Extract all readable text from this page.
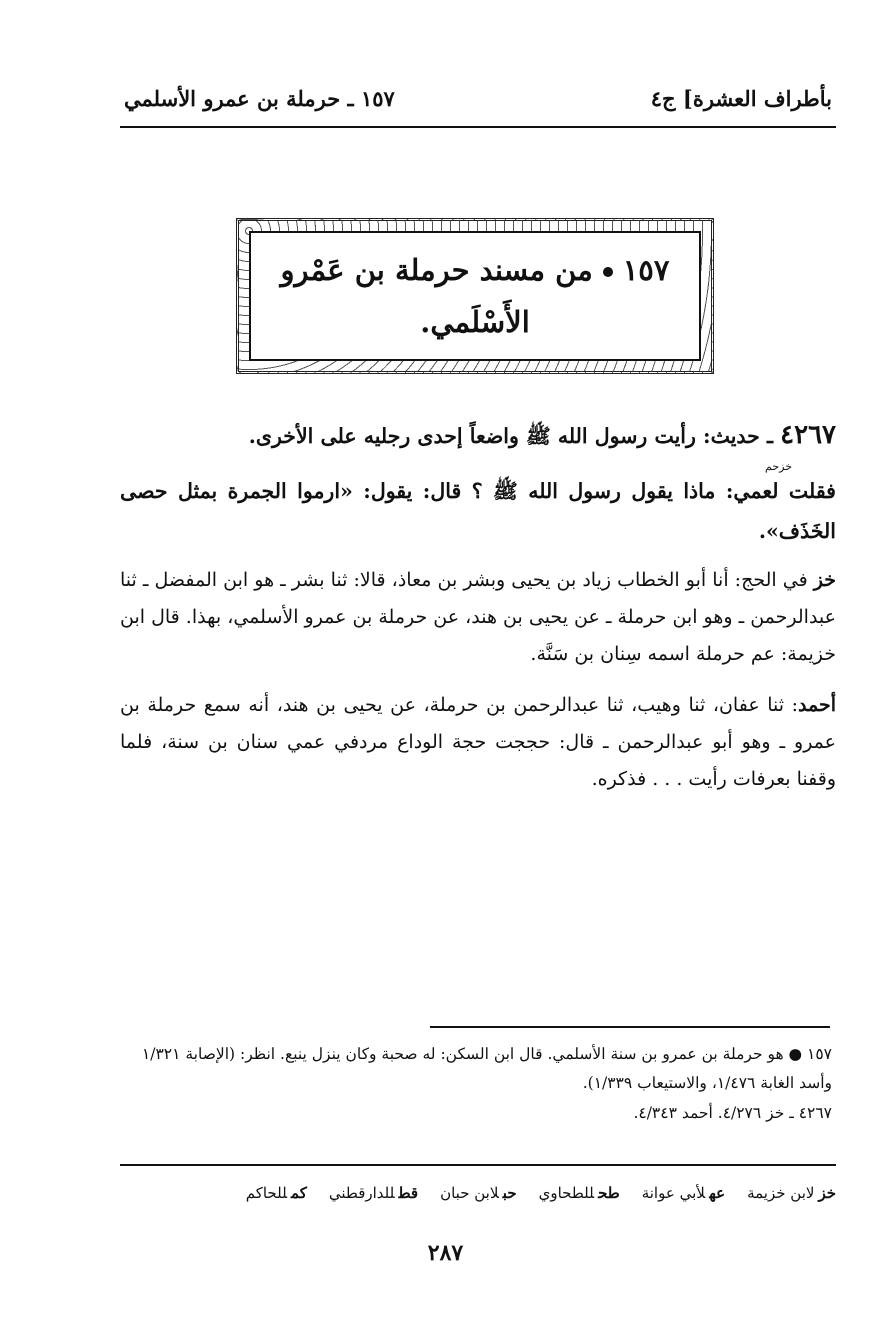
بأطراف العشرة] ج٤
١٥٧ ـ حرملة بن عمرو الأسلمي
١٥٧من مسند حرملة بن عَمْرو
الأَسْلَمي.

٤٢٦٧ ـ حديث: رأيت رسول الله ﷺ واضعاً إحدى رجليه على الأخرى.
خزحم
فقلت لعمي: ماذا يقول رسول الله ﷺ ؟ قال: يقول: «ارموا الجمرة بمثل حصى الخَذَف».

خز في الحج: أنا أبو الخطاب زياد بن يحيى وبشر بن معاذ، قالا: ثنا بشر ـ هو ابن المفضل ـ ثنا عبدالرحمن ـ وهو ابن حرملة ـ عن يحيى بن هند، عن حرملة بن عمرو الأسلمي، بهذا. قال ابن خزيمة: عم حرملة اسمه سِنان بن سَنَّة.

أحمد: ثنا عفان، ثنا وهيب، ثنا عبدالرحمن بن حرملة، عن يحيى بن هند، أنه سمع حرملة بن عمرو ـ وهو أبو عبدالرحمن ـ قال: حججت حجة الوداع مردفي عمي سنان بن سنة، فلما وقفنا بعرفات رأيت . . . فذكره.

١٥٧ ● هو حرملة بن عمرو بن سنة الأسلمي. قال ابن السكن: له صحبة وكان ينزل ينبع. انظر: (الإصابة ١/٣٢١ وأسد الغابة ١/٤٧٦، والاستيعاب ١/٣٣٩).

٤٢٦٧ ـ خز ٤/٢٧٦. أحمد ٤/٣٤٣.

خزلابن خزيمة
عهلأبي عوانة
طحللطحاوي
حبلابن حبان
قطللدارقطني
كمللحاكم
٢٨٧
